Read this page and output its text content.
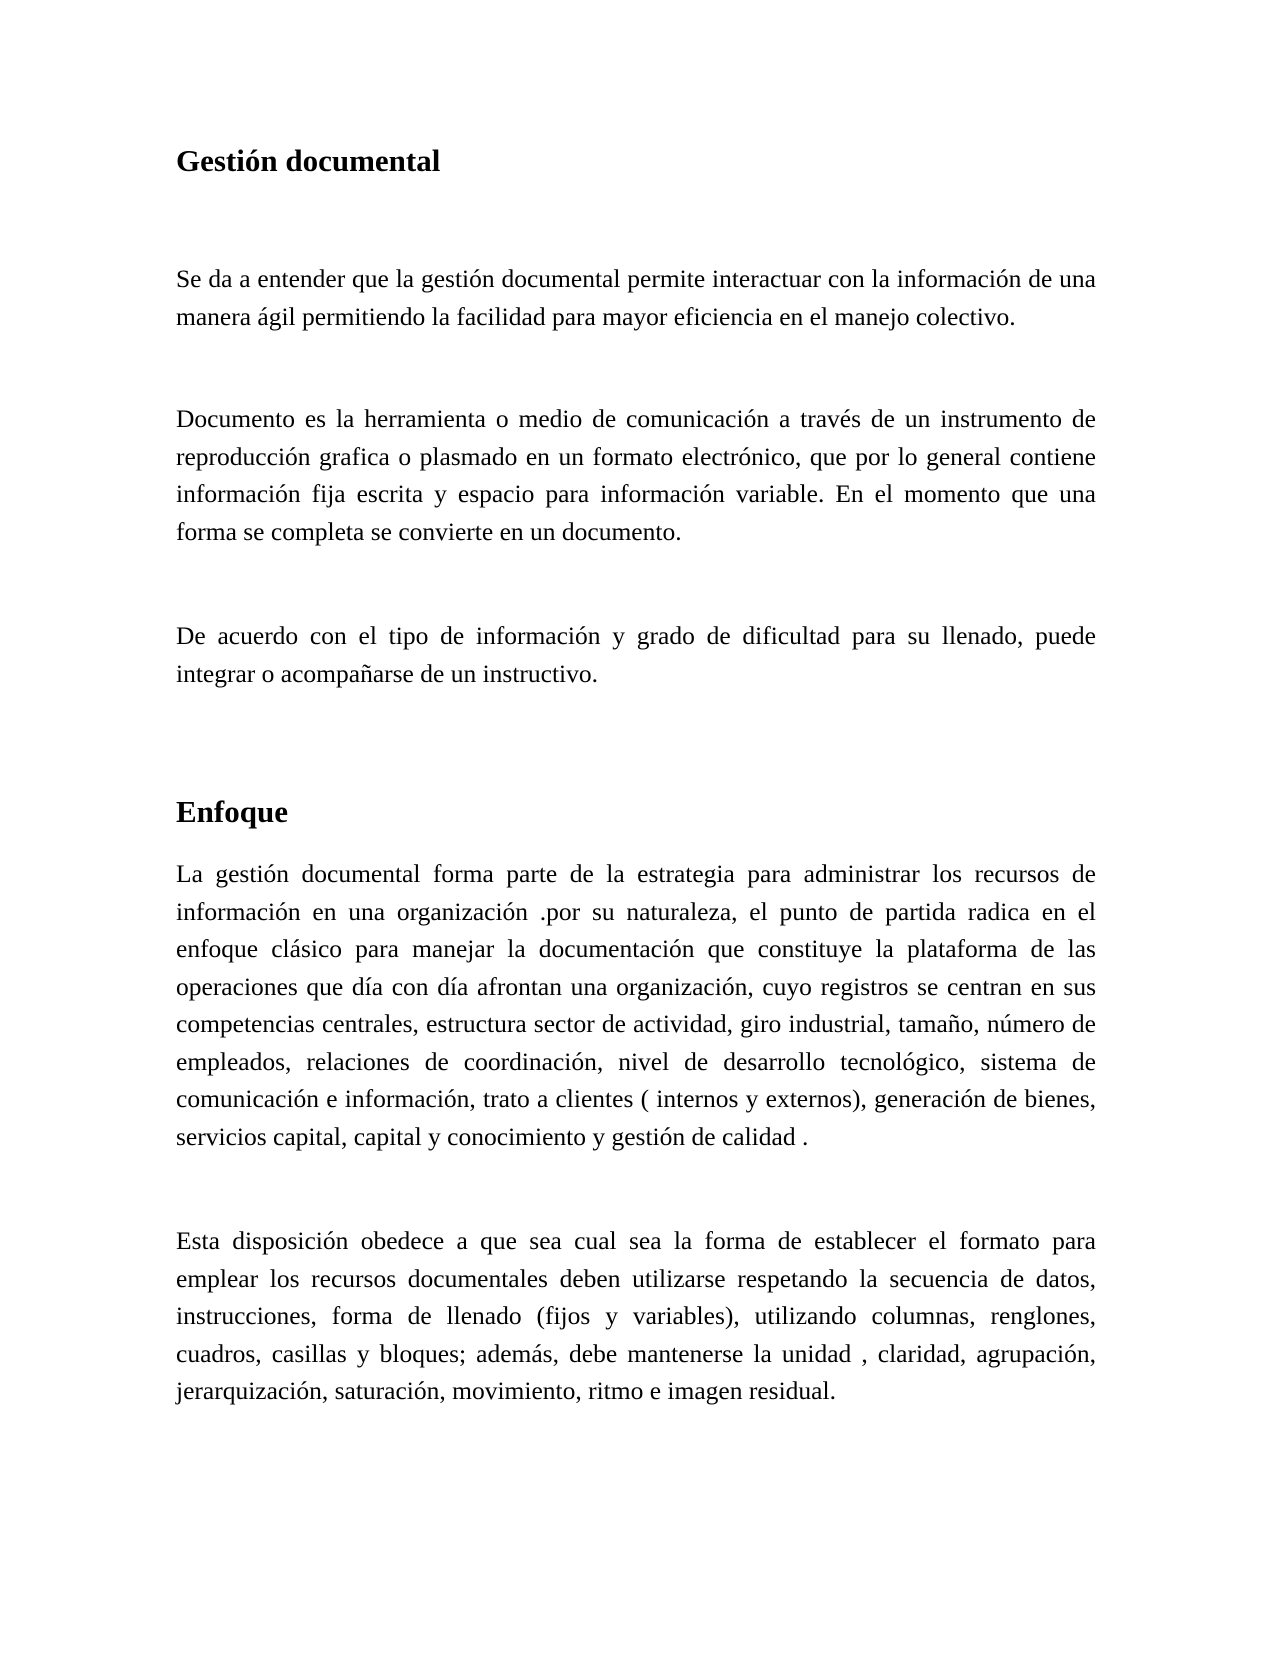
Gestión documental

Se da a entender que la gestión documental permite interactuar con la información de una manera ágil permitiendo la facilidad para mayor eficiencia en el manejo colectivo.

Documento es la herramienta o medio de comunicación a través de un instrumento de reproducción grafica o plasmado en un formato electrónico, que por lo general contiene información fija escrita y espacio para información variable. En el momento que una forma se completa se convierte en un documento.

De acuerdo con el tipo de información y grado de dificultad para su llenado, puede integrar o acompañarse de un instructivo.

Enfoque

La gestión documental forma parte de la estrategia para administrar los recursos de información en una organización .por su naturaleza, el punto de partida radica en el enfoque clásico para manejar la documentación que constituye la plataforma de las operaciones que día con día afrontan una organización, cuyo registros se centran en sus competencias centrales, estructura sector de actividad, giro industrial, tamaño, número de empleados, relaciones de coordinación, nivel de desarrollo tecnológico, sistema de comunicación e información, trato a clientes ( internos y externos), generación de bienes, servicios capital, capital y conocimiento y gestión de calidad .

Esta disposición obedece a que sea cual sea la forma de establecer el formato para emplear los recursos documentales deben utilizarse respetando la secuencia de datos, instrucciones, forma de llenado (fijos y variables), utilizando columnas, renglones, cuadros, casillas y bloques; además, debe mantenerse la unidad , claridad, agrupación, jerarquización, saturación, movimiento, ritmo e imagen residual.
